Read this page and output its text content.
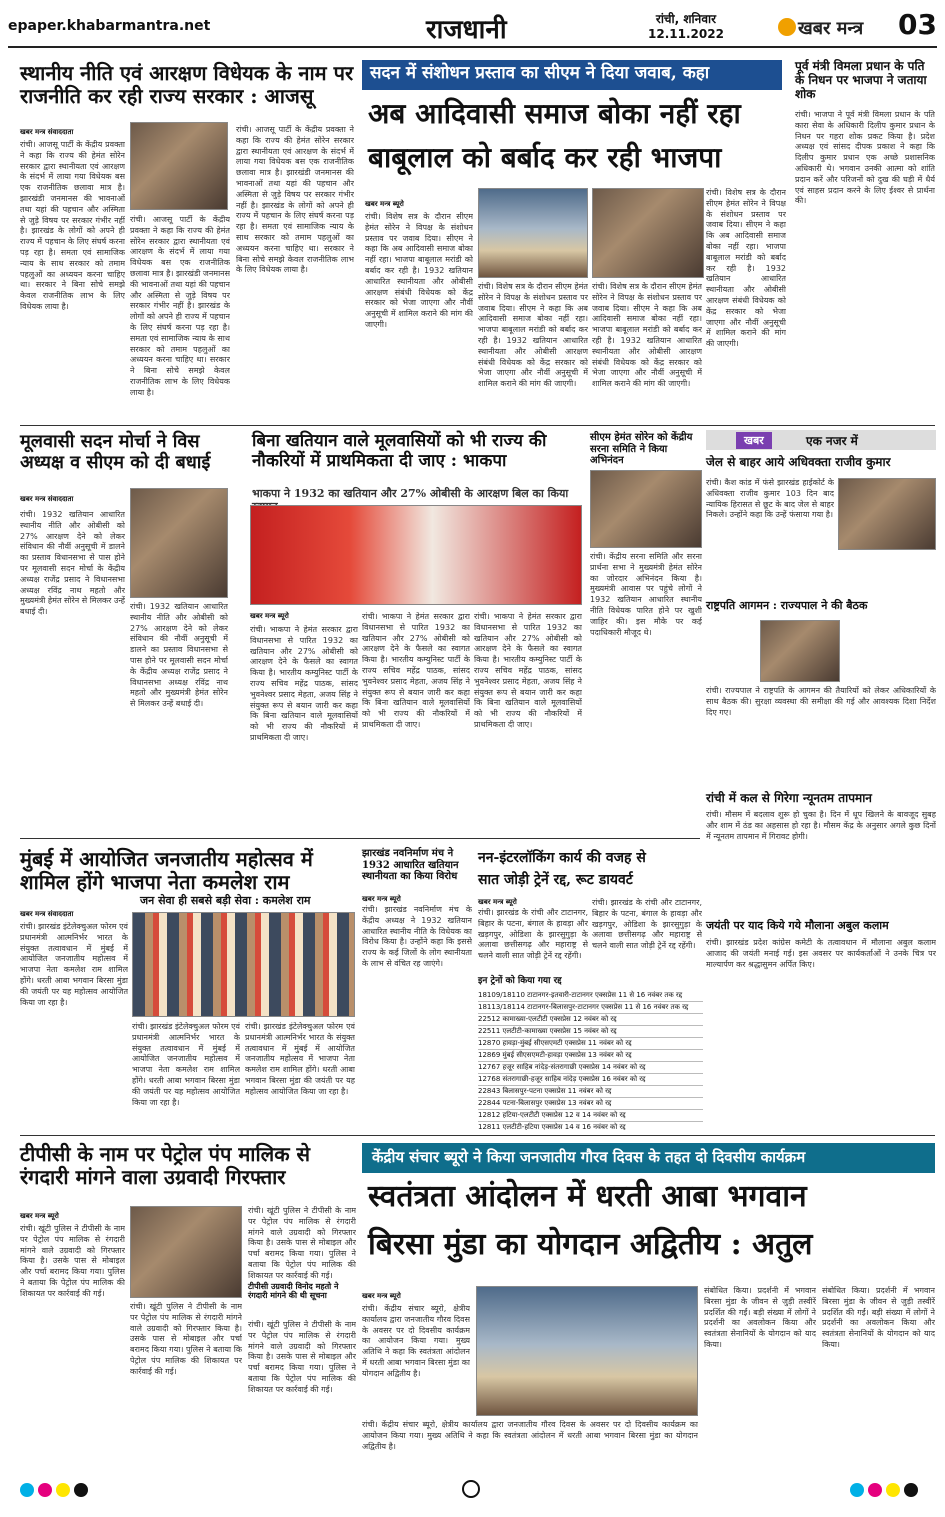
epaper.khabarmantra.net	राजधानी	रांची, शनिवार
12.11.2022	खबर मन्त्र 03
स्थानीय नीति एवं आरक्षण विधेयक के नाम पर राजनीति कर रही राज्य सरकार : आजसू
खबर मन्त्र संवाददाता
रांची। आजसू पार्टी के केंद्रीय प्रवक्ता ने कहा कि राज्य की हेमंत सोरेन सरकार द्वारा स्थानीयता एवं आरक्षण के संदर्भ में लाया गया विधेयक बस एक राजनीतिक छलावा मात्र है। झारखंडी जनमानस की भावनाओं तथा यहां की पहचान और अस्मिता से जुड़े विषय पर सरकार गंभीर नहीं है। झारखंड के लोगों को अपने ही राज्य में पहचान के लिए संघर्ष करना पड़ रहा है। समता एवं सामाजिक न्याय के साथ सरकार को तमाम पहलुओं का अध्ययन करना चाहिए था। सरकार ने बिना सोचे समझे केवल राजनीतिक लाभ के लिए विधेयक लाया है।
रांची। आजसू पार्टी के केंद्रीय प्रवक्ता ने कहा कि राज्य की हेमंत सोरेन सरकार द्वारा स्थानीयता एवं आरक्षण के संदर्भ में लाया गया विधेयक बस एक राजनीतिक छलावा मात्र है। झारखंडी जनमानस की भावनाओं तथा यहां की पहचान और अस्मिता से जुड़े विषय पर सरकार गंभीर नहीं है। झारखंड के लोगों को अपने ही राज्य में पहचान के लिए संघर्ष करना पड़ रहा है। समता एवं सामाजिक न्याय के साथ सरकार को तमाम पहलुओं का अध्ययन करना चाहिए था। सरकार ने बिना सोचे समझे केवल राजनीतिक लाभ के लिए विधेयक लाया है।
रांची। आजसू पार्टी के केंद्रीय प्रवक्ता ने कहा कि राज्य की हेमंत सोरेन सरकार द्वारा स्थानीयता एवं आरक्षण के संदर्भ में लाया गया विधेयक बस एक राजनीतिक छलावा मात्र है। झारखंडी जनमानस की भावनाओं तथा यहां की पहचान और अस्मिता से जुड़े विषय पर सरकार गंभीर नहीं है। झारखंड के लोगों को अपने ही राज्य में पहचान के लिए संघर्ष करना पड़ रहा है। समता एवं सामाजिक न्याय के साथ सरकार को तमाम पहलुओं का अध्ययन करना चाहिए था। सरकार ने बिना सोचे समझे केवल राजनीतिक लाभ के लिए विधेयक लाया है।
सदन में संशोधन प्रस्ताव का सीएम ने दिया जवाब, कहा
अब आदिवासी समाज बोका नहीं रहा
बाबूलाल को बर्बाद कर रही भाजपा
खबर मन्त्र ब्यूरो
रांची। विशेष सत्र के दौरान सीएम हेमंत सोरेन ने विपक्ष के संशोधन प्रस्ताव पर जवाब दिया। सीएम ने कहा कि अब आदिवासी समाज बोका नहीं रहा। भाजपा बाबूलाल मरांडी को बर्बाद कर रही है। 1932 खतियान आधारित स्थानीयता और ओबीसी आरक्षण संबंधी विधेयक को केंद्र सरकार को भेजा जाएगा और नौवीं अनुसूची में शामिल कराने की मांग की जाएगी।
रांची। विशेष सत्र के दौरान सीएम हेमंत सोरेन ने विपक्ष के संशोधन प्रस्ताव पर जवाब दिया। सीएम ने कहा कि अब आदिवासी समाज बोका नहीं रहा। भाजपा बाबूलाल मरांडी को बर्बाद कर रही है। 1932 खतियान आधारित स्थानीयता और ओबीसी आरक्षण संबंधी विधेयक को केंद्र सरकार को भेजा जाएगा और नौवीं अनुसूची में शामिल कराने की मांग की जाएगी।
रांची। विशेष सत्र के दौरान सीएम हेमंत सोरेन ने विपक्ष के संशोधन प्रस्ताव पर जवाब दिया। सीएम ने कहा कि अब आदिवासी समाज बोका नहीं रहा। भाजपा बाबूलाल मरांडी को बर्बाद कर रही है। 1932 खतियान आधारित स्थानीयता और ओबीसी आरक्षण संबंधी विधेयक को केंद्र सरकार को भेजा जाएगा और नौवीं अनुसूची में शामिल कराने की मांग की जाएगी।
रांची। विशेष सत्र के दौरान सीएम हेमंत सोरेन ने विपक्ष के संशोधन प्रस्ताव पर जवाब दिया। सीएम ने कहा कि अब आदिवासी समाज बोका नहीं रहा। भाजपा बाबूलाल मरांडी को बर्बाद कर रही है। 1932 खतियान आधारित स्थानीयता और ओबीसी आरक्षण संबंधी विधेयक को केंद्र सरकार को भेजा जाएगा और नौवीं अनुसूची में शामिल कराने की मांग की जाएगी।
पूर्व मंत्री विमला प्रधान के पति के निधन पर भाजपा ने जताया शोक
रांची। भाजपा ने पूर्व मंत्री विमला प्रधान के पति कारा सेवा के अधिकारी दिलीप कुमार प्रधान के निधन पर गहरा शोक प्रकट किया है। प्रदेश अध्यक्ष एवं सांसद दीपक प्रकाश ने कहा कि दिलीप कुमार प्रधान एक अच्छे प्रशासनिक अधिकारी थे। भगवान उनकी आत्मा को शांति प्रदान करें और परिजनों को दुख की घड़ी में धैर्य एवं साहस प्रदान करने के लिए ईश्वर से प्रार्थना की।
मूलवासी सदन मोर्चा ने विस अध्यक्ष व सीएम को दी बधाई
खबर मन्त्र संवाददाता
रांची। 1932 खतियान आधारित स्थानीय नीति और ओबीसी को 27% आरक्षण देने को लेकर संविधान की नौवीं अनुसूची में डालने का प्रस्ताव विधानसभा से पास होने पर मूलवासी सदन मोर्चा के केंद्रीय अध्यक्ष राजेंद्र प्रसाद ने विधानसभा अध्यक्ष रविंद्र नाथ महतो और मुख्यमंत्री हेमंत सोरेन से मिलकर उन्हें बधाई दी।
रांची। 1932 खतियान आधारित स्थानीय नीति और ओबीसी को 27% आरक्षण देने को लेकर संविधान की नौवीं अनुसूची में डालने का प्रस्ताव विधानसभा से पास होने पर मूलवासी सदन मोर्चा के केंद्रीय अध्यक्ष राजेंद्र प्रसाद ने विधानसभा अध्यक्ष रविंद्र नाथ महतो और मुख्यमंत्री हेमंत सोरेन से मिलकर उन्हें बधाई दी।
बिना खतियान वाले मूलवासियों को भी राज्य की नौकरियों में प्राथमिकता दी जाए : भाकपा
भाकपा ने 1932 का खतियान और 27% ओबीसी के आरक्षण बिल का किया
खबर मन्त्र ब्यूरो
रांची। भाकपा ने हेमंत सरकार द्वारा विधानसभा से पारित 1932 का खतियान और 27% ओबीसी को आरक्षण देने के फैसले का स्वागत किया है। भारतीय कम्युनिस्ट पार्टी के राज्य सचिव महेंद्र पाठक, सांसद भुवनेश्वर प्रसाद मेहता, अजय सिंह ने संयुक्त रूप से बयान जारी कर कहा कि बिना खतियान वाले मूलवासियों को भी राज्य की नौकरियों में प्राथमिकता दी जाए।
रांची। भाकपा ने हेमंत सरकार द्वारा विधानसभा से पारित 1932 का खतियान और 27% ओबीसी को आरक्षण देने के फैसले का स्वागत किया है। भारतीय कम्युनिस्ट पार्टी के राज्य सचिव महेंद्र पाठक, सांसद भुवनेश्वर प्रसाद मेहता, अजय सिंह ने संयुक्त रूप से बयान जारी कर कहा कि बिना खतियान वाले मूलवासियों को भी राज्य की नौकरियों में प्राथमिकता दी जाए।
रांची। भाकपा ने हेमंत सरकार द्वारा विधानसभा से पारित 1932 का खतियान और 27% ओबीसी को आरक्षण देने के फैसले का स्वागत किया है। भारतीय कम्युनिस्ट पार्टी के राज्य सचिव महेंद्र पाठक, सांसद भुवनेश्वर प्रसाद मेहता, अजय सिंह ने संयुक्त रूप से बयान जारी कर कहा कि बिना खतियान वाले मूलवासियों को भी राज्य की नौकरियों में प्राथमिकता दी जाए।
सीएम हेमंत सोरेन को केंद्रीय सरना समिति ने किया अभिनंदन
रांची। केंद्रीय सरना समिति और सरना प्रार्थना सभा ने मुख्यमंत्री हेमंत सोरेन का जोरदार अभिनंदन किया है। मुख्यमंत्री आवास पर पहुंचे लोगों ने 1932 खतियान आधारित स्थानीय नीति विधेयक पारित होने पर खुशी जाहिर की। इस मौके पर कई पदाधिकारी मौजूद थे।
खबर	एक नजर में
जेल से बाहर आये अधिवक्ता राजीव कुमार
रांची। कैश कांड में फंसे झारखंड हाईकोर्ट के अधिवक्ता राजीव कुमार 103 दिन बाद न्यायिक हिरासत से छूट के बाद जेल से बाहर निकले। उन्होंने कहा कि उन्हें फंसाया गया है।
राष्ट्रपति आगमन : राज्यपाल ने की बैठक
रांची। राज्यपाल ने राष्ट्रपति के आगमन की तैयारियों को लेकर अधिकारियों के साथ बैठक की। सुरक्षा व्यवस्था की समीक्षा की गई और आवश्यक दिशा निर्देश दिए गए।
रांची में कल से गिरेगा न्यूनतम तापमान
रांची। मौसम में बदलाव शुरू हो चुका है। दिन में धूप खिलने के बावजूद सुबह और शाम में ठंड का अहसास हो रहा है। मौसम केंद्र के अनुसार अगले कुछ दिनों में न्यूनतम तापमान में गिरावट होगी।
जयंती पर याद किये गये मौलाना अबुल कलाम
रांची। झारखंड प्रदेश कांग्रेस कमेटी के तत्वावधान में मौलाना अबुल कलाम आजाद की जयंती मनाई गई। इस अवसर पर कार्यकर्ताओं ने उनके चित्र पर माल्यार्पण कर श्रद्धासुमन अर्पित किए।
मुंबई में आयोजित जनजातीय महोत्सव में शामिल होंगे भाजपा नेता कमलेश राम
जन सेवा ही सबसे बड़ी सेवा : कमलेश राम
खबर मन्त्र संवाददाता
रांची। झारखंड इंटेलेक्चुअल फोरम एवं प्रधानमंत्री आत्मनिर्भर भारत के संयुक्त तत्वावधान में मुंबई में आयोजित जनजातीय महोत्सव में भाजपा नेता कमलेश राम शामिल होंगे। धरती आबा भगवान बिरसा मुंडा की जयंती पर यह महोत्सव आयोजित किया जा रहा है।
रांची। झारखंड इंटेलेक्चुअल फोरम एवं प्रधानमंत्री आत्मनिर्भर भारत के संयुक्त तत्वावधान में मुंबई में आयोजित जनजातीय महोत्सव में भाजपा नेता कमलेश राम शामिल होंगे। धरती आबा भगवान बिरसा मुंडा की जयंती पर यह महोत्सव आयोजित किया जा रहा है।
रांची। झारखंड इंटेलेक्चुअल फोरम एवं प्रधानमंत्री आत्मनिर्भर भारत के संयुक्त तत्वावधान में मुंबई में आयोजित जनजातीय महोत्सव में भाजपा नेता कमलेश राम शामिल होंगे। धरती आबा भगवान बिरसा मुंडा की जयंती पर यह महोत्सव आयोजित किया जा रहा है।
झारखंड नवनिर्माण मंच ने 1932 आधारित खतियान स्थानीयता का किया विरोध
खबर मन्त्र ब्यूरो
रांची। झारखंड नवनिर्माण मंच के केंद्रीय अध्यक्ष ने 1932 खतियान आधारित स्थानीय नीति के विधेयक का विरोध किया है। उन्होंने कहा कि इससे राज्य के कई जिलों के लोग स्थानीयता के लाभ से वंचित रह जाएंगे।
नन-इंटरलॉकिंग कार्य की वजह से
सात जोड़ी ट्रेनें रद्द, रूट डायवर्ट
खबर मन्त्र ब्यूरो
रांची। झारखंड के रांची और टाटानगर, बिहार के पटना, बंगाल के हावड़ा और खड़गपुर, ओडिशा के झारसुगुड़ा के अलावा छत्तीसगढ़ और महाराष्ट्र से चलने वाली सात जोड़ी ट्रेनें रद्द रहेंगी।
रांची। झारखंड के रांची और टाटानगर, बिहार के पटना, बंगाल के हावड़ा और खड़गपुर, ओडिशा के झारसुगुड़ा के अलावा छत्तीसगढ़ और महाराष्ट्र से चलने वाली सात जोड़ी ट्रेनें रद्द रहेंगी।
इन ट्रेनों को किया गया रद्द
18109/18110 टाटानगर-इतवारी-टाटानगर एक्सप्रेस 11 से 16 नवंबर तक रद्द
18113/18114 टाटानगर-बिलासपुर-टाटानगर एक्सप्रेस 11 से 16 नवंबर तक रद्द
22512 कामाख्या-एलटीटी एक्सप्रेस 12 नवंबर को रद्द
22511 एलटीटी-कामाख्या एक्सप्रेस 15 नवंबर को रद्द
12870 हावड़ा-मुंबई सीएसएमटी एक्सप्रेस 11 नवंबर को रद्द
12869 मुंबई सीएसएमटी-हावड़ा एक्सप्रेस 13 नवंबर को रद्द
12767 हजूर साहिब नांदेड़-संतरागाछी एक्सप्रेस 14 नवंबर को रद्द
12768 संतरागाछी-हजूर साहिब नांदेड़ एक्सप्रेस 16 नवंबर को रद्द
22843 बिलासपुर-पटना एक्सप्रेस 11 नवंबर को रद्द
22844 पटना-बिलासपुर एक्सप्रेस 13 नवंबर को रद्द
12812 हटिया-एलटीटी एक्सप्रेस 12 व 14 नवंबर को रद्द
12811 एलटीटी-हटिया एक्सप्रेस 14 व 16 नवंबर को रद्द
टीपीसी के नाम पर पेट्रोल पंप मालिक से रंगदारी मांगने वाला उग्रवादी गिरफ्तार
खबर मन्त्र ब्यूरो
रांची। खूंटी पुलिस ने टीपीसी के नाम पर पेट्रोल पंप मालिक से रंगदारी मांगने वाले उग्रवादी को गिरफ्तार किया है। उसके पास से मोबाइल और पर्चा बरामद किया गया। पुलिस ने बताया कि पेट्रोल पंप मालिक की शिकायत पर कार्रवाई की गई।
रांची। खूंटी पुलिस ने टीपीसी के नाम पर पेट्रोल पंप मालिक से रंगदारी मांगने वाले उग्रवादी को गिरफ्तार किया है। उसके पास से मोबाइल और पर्चा बरामद किया गया। पुलिस ने बताया कि पेट्रोल पंप मालिक की शिकायत पर कार्रवाई की गई।
टीपीसी उग्रवादी विनोद महतो ने रंगदारी मांगने की थी सूचना
रांची। खूंटी पुलिस ने टीपीसी के नाम पर पेट्रोल पंप मालिक से रंगदारी मांगने वाले उग्रवादी को गिरफ्तार किया है। उसके पास से मोबाइल और पर्चा बरामद किया गया। पुलिस ने बताया कि पेट्रोल पंप मालिक की शिकायत पर कार्रवाई की गई।
रांची। खूंटी पुलिस ने टीपीसी के नाम पर पेट्रोल पंप मालिक से रंगदारी मांगने वाले उग्रवादी को गिरफ्तार किया है। उसके पास से मोबाइल और पर्चा बरामद किया गया। पुलिस ने बताया कि पेट्रोल पंप मालिक की शिकायत पर कार्रवाई की गई।
केंद्रीय संचार ब्यूरो ने किया जनजातीय गौरव दिवस के तहत दो दिवसीय कार्यक्रम
स्वतंत्रता आंदोलन में धरती आबा भगवान
बिरसा मुंडा का योगदान अद्वितीय : अतुल
खबर मन्त्र ब्यूरो
रांची। केंद्रीय संचार ब्यूरो, क्षेत्रीय कार्यालय द्वारा जनजातीय गौरव दिवस के अवसर पर दो दिवसीय कार्यक्रम का आयोजन किया गया। मुख्य अतिथि ने कहा कि स्वतंत्रता आंदोलन में धरती आबा भगवान बिरसा मुंडा का योगदान अद्वितीय है।
रांची। केंद्रीय संचार ब्यूरो, क्षेत्रीय कार्यालय द्वारा जनजातीय गौरव दिवस के अवसर पर दो दिवसीय कार्यक्रम का आयोजन किया गया। मुख्य अतिथि ने कहा कि स्वतंत्रता आंदोलन में धरती आबा भगवान बिरसा मुंडा का योगदान अद्वितीय है।
संबोधित किया। प्रदर्शनी में भगवान बिरसा मुंडा के जीवन से जुड़ी तस्वीरें प्रदर्शित की गईं। बड़ी संख्या में लोगों ने प्रदर्शनी का अवलोकन किया और स्वतंत्रता सेनानियों के योगदान को याद किया।
संबोधित किया। प्रदर्शनी में भगवान बिरसा मुंडा के जीवन से जुड़ी तस्वीरें प्रदर्शित की गईं। बड़ी संख्या में लोगों ने प्रदर्शनी का अवलोकन किया और स्वतंत्रता सेनानियों के योगदान को याद किया।
